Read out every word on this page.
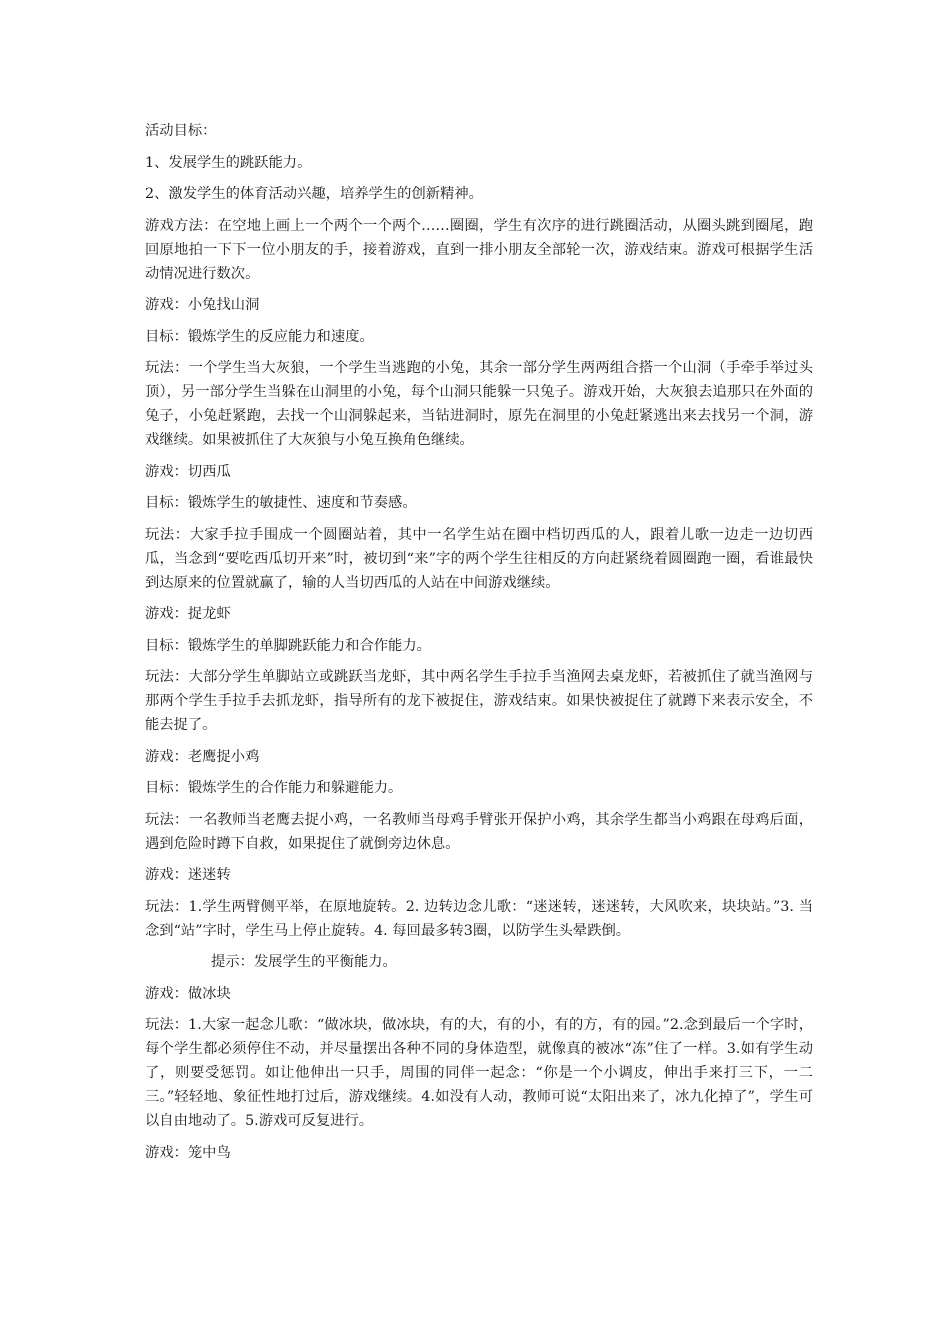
活动目标：

1、发展学生的跳跃能力。

2、激发学生的体育活动兴趣，培养学生的创新精神。

游戏方法：在空地上画上一个两个一个两个……圈圈，学生有次序的进行跳圈活动，从圈头跳到圈尾，跑回原地拍一下下一位小朋友的手，接着游戏，直到一排小朋友全部轮一次，游戏结束。游戏可根据学生活动情况进行数次。

游戏：小兔找山洞

目标：锻炼学生的反应能力和速度。

玩法：一个学生当大灰狼，一个学生当逃跑的小兔，其余一部分学生两两组合搭一个山洞（手牵手举过头顶），另一部分学生当躲在山洞里的小兔，每个山洞只能躲一只兔子。游戏开始，大灰狼去追那只在外面的兔子，小兔赶紧跑，去找一个山洞躲起来，当钻进洞时，原先在洞里的小兔赶紧逃出来去找另一个洞，游戏继续。如果被抓住了大灰狼与小兔互换角色继续。

游戏：切西瓜

目标：锻炼学生的敏捷性、速度和节奏感。

玩法：大家手拉手围成一个圆圈站着，其中一名学生站在圈中档切西瓜的人，跟着儿歌一边走一边切西瓜，当念到“要吃西瓜切开来”时，被切到“来”字的两个学生往相反的方向赶紧绕着圆圈跑一圈，看谁最快到达原来的位置就赢了，输的人当切西瓜的人站在中间游戏继续。

游戏：捉龙虾

目标：锻炼学生的单脚跳跃能力和合作能力。

玩法：大部分学生单脚站立或跳跃当龙虾，其中两名学生手拉手当渔网去桌龙虾，若被抓住了就当渔网与那两个学生手拉手去抓龙虾，指导所有的龙下被捉住，游戏结束。如果快被捉住了就蹲下来表示安全，不能去捉了。

游戏：老鹰捉小鸡

目标：锻炼学生的合作能力和躲避能力。

玩法：一名教师当老鹰去捉小鸡，一名教师当母鸡手臂张开保护小鸡，其余学生都当小鸡跟在母鸡后面，遇到危险时蹲下自救，如果捉住了就倒旁边休息。

游戏：迷迷转

玩法：1.学生两臂侧平举，在原地旋转。2. 边转边念儿歌：“迷迷转，迷迷转，大风吹来，块块站。”3. 当念到“站”字时，学生马上停止旋转。4. 每回最多转3圈，以防学生头晕跌倒。

提示：发展学生的平衡能力。

游戏：做冰块

玩法：1.大家一起念儿歌：“做冰块，做冰块，有的大，有的小，有的方，有的园。”2.念到最后一个字时，每个学生都必须停住不动，并尽量摆出各种不同的身体造型，就像真的被冰“冻”住了一样。3.如有学生动了，则要受惩罚。如让他伸出一只手，周围的同伴一起念：“你是一个小调皮，伸出手来打三下，一二三。”轻轻地、象征性地打过后，游戏继续。4.如没有人动，教师可说“太阳出来了，冰九化掉了”，学生可以自由地动了。5.游戏可反复进行。

游戏：笼中鸟
